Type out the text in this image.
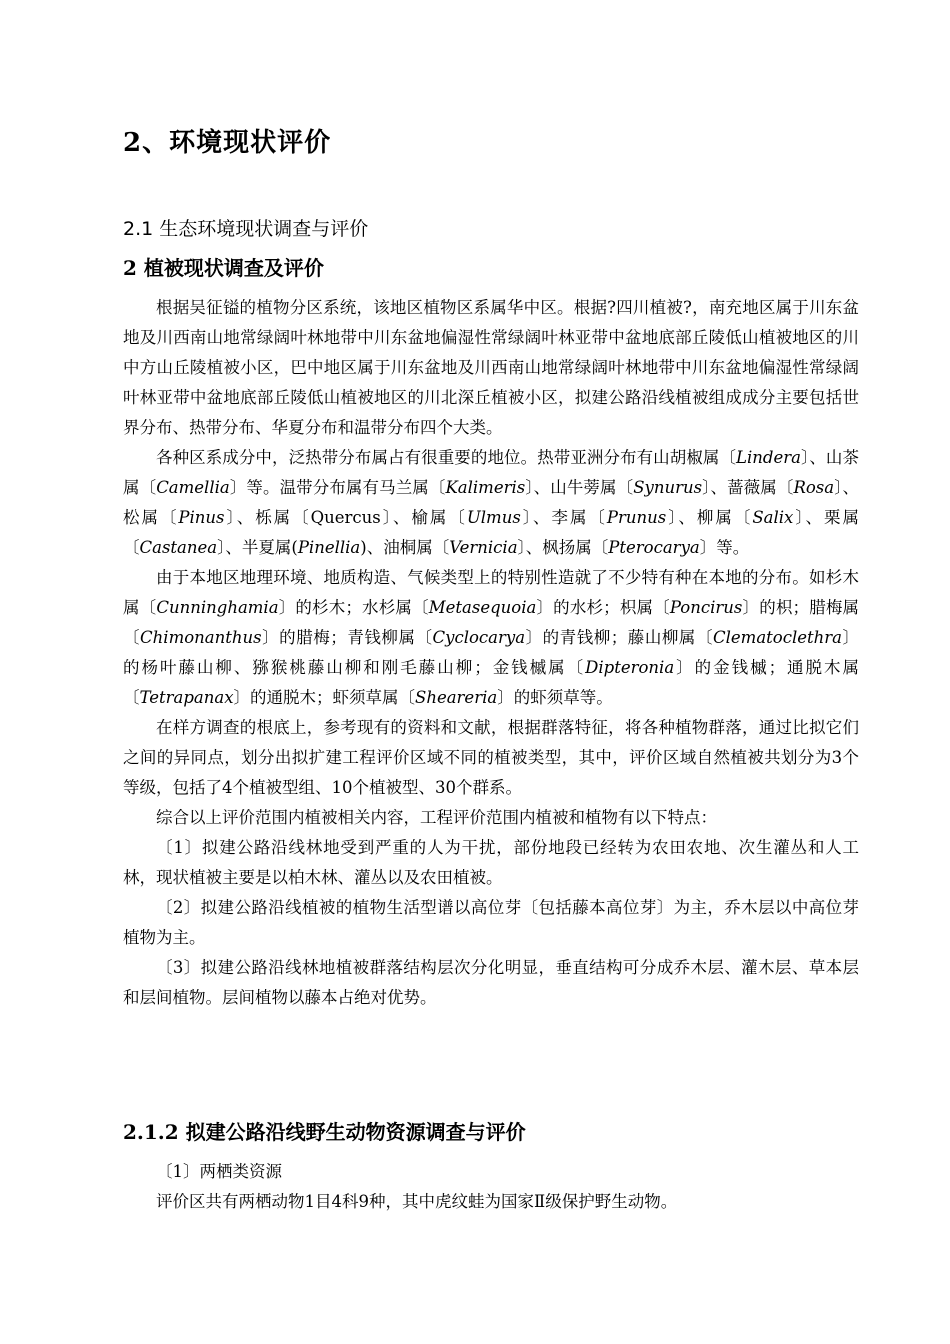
2、环境现状评价
2.1 生态环境现状调查与评价
2 植被现状调查及评价

根据吴征镒的植物分区系统，该地区植物区系属华中区。根据?四川植被?，南充地区属于川东盆地及川西南山地常绿阔叶林地带中川东盆地偏湿性常绿阔叶林亚带中盆地底部丘陵低山植被地区的川中方山丘陵植被小区，巴中地区属于川东盆地及川西南山地常绿阔叶林地带中川东盆地偏湿性常绿阔叶林亚带中盆地底部丘陵低山植被地区的川北深丘植被小区，拟建公路沿线植被组成成分主要包括世界分布、热带分布、华夏分布和温带分布四个大类。

各种区系成分中，泛热带分布属占有很重要的地位。热带亚洲分布有山胡椒属〔Lindera〕、山茶属〔Camellia〕等。温带分布属有马兰属〔Kalimeris〕、山牛蒡属〔Synurus〕、蔷薇属〔Rosa〕、松属〔Pinus〕、栎属〔Quercus〕、榆属〔Ulmus〕、李属〔Prunus〕、柳属〔Salix〕、栗属〔Castanea〕、半夏属(Pinellia)、油桐属〔Vernicia〕、枫扬属〔Pterocarya〕等。

由于本地区地理环境、地质构造、气候类型上的特别性造就了不少特有种在本地的分布。如杉木属〔Cunninghamia〕的杉木；水杉属〔Metasequoia〕的水杉；枳属〔Poncirus〕的枳；腊梅属〔Chimonanthus〕的腊梅；青钱柳属〔Cyclocarya〕的青钱柳；藤山柳属〔Clematoclethra〕的杨叶藤山柳、猕猴桃藤山柳和刚毛藤山柳；金钱槭属〔Dipteronia〕的金钱槭；通脱木属〔Tetrapanax〕的通脱木；虾须草属〔Sheareria〕的虾须草等。

在样方调查的根底上，参考现有的资料和文献，根据群落特征，将各种植物群落，通过比拟它们之间的异同点，划分出拟扩建工程评价区域不同的植被类型，其中，评价区域自然植被共划分为3个等级，包括了4个植被型组、10个植被型、30个群系。

综合以上评价范围内植被相关内容，工程评价范围内植被和植物有以下特点：

〔1〕拟建公路沿线林地受到严重的人为干扰，部份地段已经转为农田农地、次生灌丛和人工林，现状植被主要是以柏木林、灌丛以及农田植被。

〔2〕拟建公路沿线植被的植物生活型谱以高位芽〔包括藤本高位芽〕为主，乔木层以中高位芽植物为主。

〔3〕拟建公路沿线林地植被群落结构层次分化明显，垂直结构可分成乔木层、灌木层、草本层和层间植物。层间植物以藤本占绝对优势。

2.1.2 拟建公路沿线野生动物资源调查与评价

〔1〕两栖类资源

评价区共有两栖动物1目4科9种，其中虎纹蛙为国家Ⅱ级保护野生动物。
